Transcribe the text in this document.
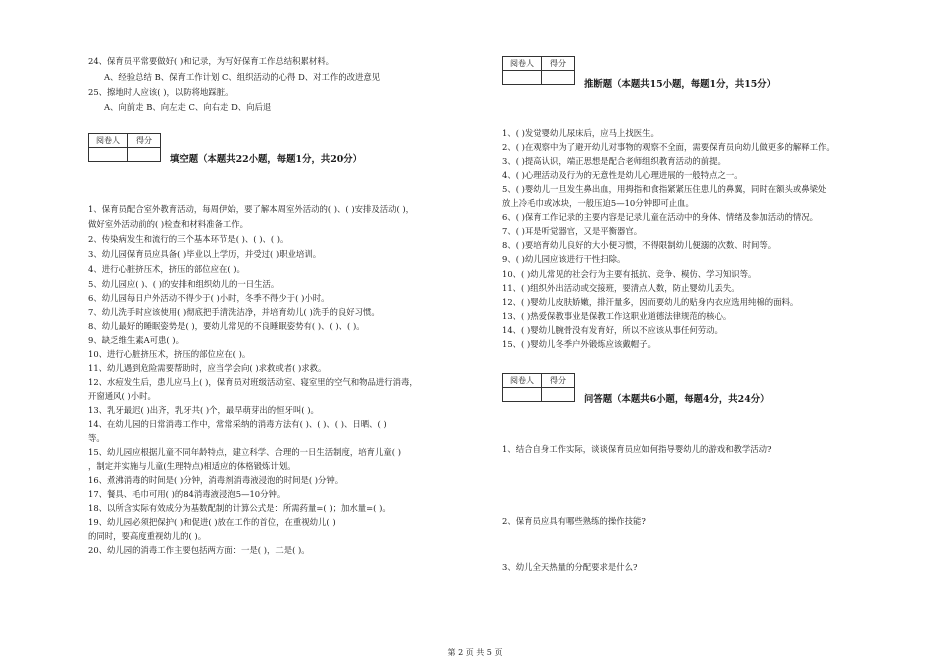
24、保育员平常要做好( )和记录，为写好保育工作总结积累材料。
A、经验总结 B、保育工作计划 C、组织活动的心得 D、对工作的改进意见
25、擦地时人应该( )，以防将地踩脏。
A、向前走 B、向左走 C、向右走 D、向后退
阅卷人	得分

填空题（本题共22小题，每题1分，共20分）
1、保育员配合室外教育活动，每周伊始，要了解本周室外活动的( )、( )安排及活动( )，
做好室外活动前的( )检查和材料准备工作。
2、传染病发生和流行的三个基本环节是( )、( )、( )。
3、幼儿园保育员应具备( )毕业以上学历，并受过( )职业培训。
4、进行心脏挤压术，挤压的部位应在( )。
5、幼儿园应( )、( )的安排和组织幼儿的一日生活。
6、幼儿园每日户外活动不得少于( )小时，冬季不得少于( )小时。
7、幼儿洗手时应该使用( )彻底把手清洗洁净，并培育幼儿( )洗手的良好习惯。
8、幼儿最好的睡眠姿势是( )，要幼儿常见的不良睡眠姿势有( )、( )、( )。
9、缺乏维生素A可患( )。
10、进行心脏挤压术，挤压的部位应在( )。
11、幼儿遇到危险需要帮助时，应当学会向( )求救或者( )求救。
12、水痘发生后，患儿应马上( )，保育员对班级活动室、寝室里的空气和物品进行消毒，
开窗通风( )小时。
13、乳牙最迟( )出齐，乳牙共( )个，最早萌芽出的恒牙叫( )。
14、在幼儿园的日常消毒工作中，常常采纳的消毒方法有( )、( )、( )、日晒、( )
等。
15、幼儿园应根据儿童不同年龄特点，建立科学、合理的一日生活制度，培育儿童( )
，制定并实施与儿童(生理特点)相适应的体格锻炼计划。
16、煮沸消毒的时间是( )分钟，消毒剂消毒液浸泡的时间是( )分钟。
17、餐具、毛巾可用( )的84消毒液浸泡5—10分钟。
18、以所含实际有效成分为基数配制的计算公式是：所需药量=( )；加水量=( )。
19、幼儿园必须把保护( )和促进( )放在工作的首位，在重视幼儿( )
的同时，要高度重视幼儿的( )。
20、幼儿园的消毒工作主要包括两方面：一是( )，二是( )。
阅卷人	得分

推断题（本题共15小题，每题1分，共15分）
1、( )发觉婴幼儿尿床后，应马上找医生。
2、( )在观察中为了避开幼儿对事物的观察不全面，需要保育员向幼儿做更多的解释工作。
3、( )提高认识，端正思想是配合老师组织教育活动的前提。
4、( )心理活动及行为的无意性是幼儿心理进展的一般特点之一。
5、( )婴幼儿一旦发生鼻出血，用拇指和食指紧紧压住患儿的鼻翼，同时在额头或鼻梁处
放上冷毛巾或冰块，一般压迫5—10分钟即可止血。
6、( )保育工作记录的主要内容是记录儿童在活动中的身体、情绪及参加活动的情况。
7、( )耳是听觉器官，又是平衡器官。
8、( )要培育幼儿良好的大小便习惯，不得限制幼儿便溺的次数、时间等。
9、( )幼儿园应该进行干性扫除。
10、( )幼儿常见的社会行为主要有抵抗、竞争、模仿、学习知识等。
11、( )组织外出活动或交接班，要清点人数，防止婴幼儿丢失。
12、( )婴幼儿皮肤娇嫩，排汗量多，因而要幼儿的贴身内衣应选用纯棉的面料。
13、( )热爱保教事业是保教工作这职业道德法律规范的核心。
14、( )婴幼儿腕骨没有发育好，所以不应该从事任何劳动。
15、( )婴幼儿冬季户外锻炼应该戴帽子。
阅卷人	得分

问答题（本题共6小题，每题4分，共24分）
1、结合自身工作实际，谈谈保育员应如何指导婴幼儿的游戏和教学活动?
2、保育员应具有哪些熟练的操作技能?
3、幼儿全天热量的分配要求是什么?
第 2 页 共 5 页
